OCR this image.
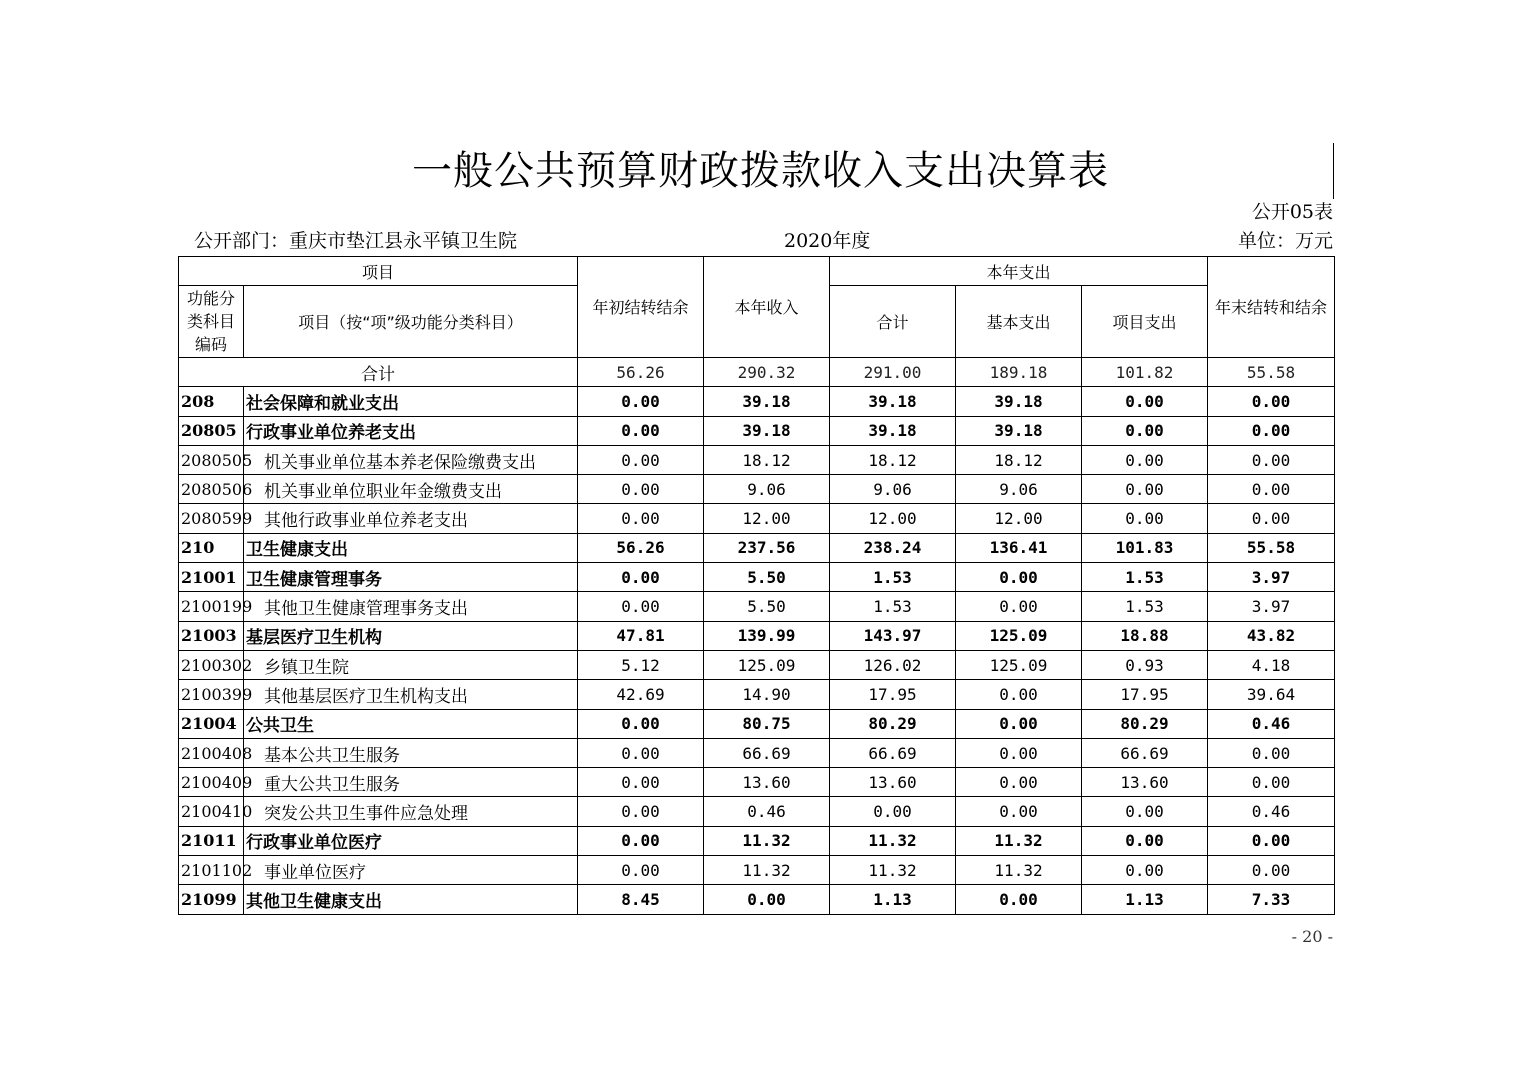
一般公共预算财政拨款收入支出决算表
公开05表
公开部门：重庆市垫江县永平镇卫生院	2020年度	单位：万元
项目		年初结转结余	本年收入	本年支出			年末结转和结余
功能分类科目编码	项目（按“项”级功能分类科目）			合计	基本支出	项目支出	
合计		56.26	290.32	291.00	189.18	101.82	55.58
208	社会保障和就业支出	0.00	39.18	39.18	39.18	0.00	0.00
20805	行政事业单位养老支出	0.00	39.18	39.18	39.18	0.00	0.00
2080505	机关事业单位基本养老保险缴费支出	0.00	18.12	18.12	18.12	0.00	0.00
2080506	机关事业单位职业年金缴费支出	0.00	9.06	9.06	9.06	0.00	0.00
2080599	其他行政事业单位养老支出	0.00	12.00	12.00	12.00	0.00	0.00
210	卫生健康支出	56.26	237.56	238.24	136.41	101.83	55.58
21001	卫生健康管理事务	0.00	5.50	1.53	0.00	1.53	3.97
2100199	其他卫生健康管理事务支出	0.00	5.50	1.53	0.00	1.53	3.97
21003	基层医疗卫生机构	47.81	139.99	143.97	125.09	18.88	43.82
2100302	乡镇卫生院	5.12	125.09	126.02	125.09	0.93	4.18
2100399	其他基层医疗卫生机构支出	42.69	14.90	17.95	0.00	17.95	39.64
21004	公共卫生	0.00	80.75	80.29	0.00	80.29	0.46
2100408	基本公共卫生服务	0.00	66.69	66.69	0.00	66.69	0.00
2100409	重大公共卫生服务	0.00	13.60	13.60	0.00	13.60	0.00
2100410	突发公共卫生事件应急处理	0.00	0.46	0.00	0.00	0.00	0.46
21011	行政事业单位医疗	0.00	11.32	11.32	11.32	0.00	0.00
2101102	事业单位医疗	0.00	11.32	11.32	11.32	0.00	0.00
21099	其他卫生健康支出	8.45	0.00	1.13	0.00	1.13	7.33
- 20 -
